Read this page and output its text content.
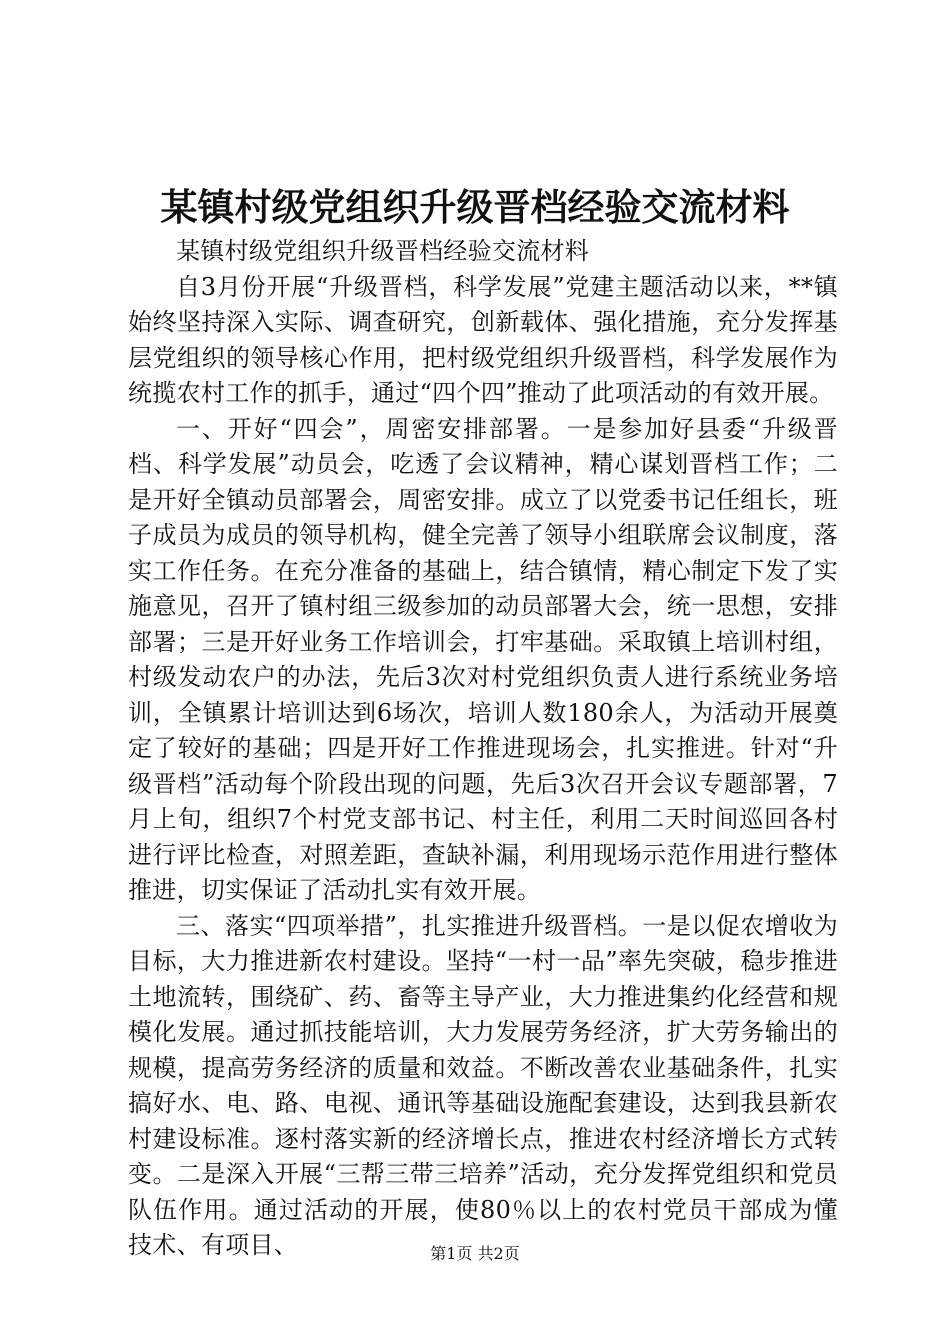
某镇村级党组织升级晋档经验交流材料

某镇村级党组织升级晋档经验交流材料

自3月份开展“升级晋档，科学发展”党建主题活动以来，**镇始终坚持深入实际、调查研究，创新载体、强化措施，充分发挥基层党组织的领导核心作用，把村级党组织升级晋档，科学发展作为统揽农村工作的抓手，通过“四个四”推动了此项活动的有效开展。

一、开好“四会”，周密安排部署。一是参加好县委“升级晋档、科学发展”动员会，吃透了会议精神，精心谋划晋档工作；二是开好全镇动员部署会，周密安排。成立了以党委书记任组长，班子成员为成员的领导机构，健全完善了领导小组联席会议制度，落实工作任务。在充分准备的基础上，结合镇情，精心制定下发了实施意见，召开了镇村组三级参加的动员部署大会，统一思想，安排部署；三是开好业务工作培训会，打牢基础。采取镇上培训村组，村级发动农户的办法，先后3次对村党组织负责人进行系统业务培训，全镇累计培训达到6场次，培训人数180余人，为活动开展奠定了较好的基础；四是开好工作推进现场会，扎实推进。针对“升级晋档”活动每个阶段出现的问题，先后3次召开会议专题部署，7月上旬，组织7个村党支部书记、村主任，利用二天时间巡回各村进行评比检查，对照差距，查缺补漏，利用现场示范作用进行整体推进，切实保证了活动扎实有效开展。

三、落实“四项举措”，扎实推进升级晋档。一是以促农增收为目标，大力推进新农村建设。坚持“一村一品”率先突破，稳步推进土地流转，围绕矿、药、畜等主导产业，大力推进集约化经营和规模化发展。通过抓技能培训，大力发展劳务经济，扩大劳务输出的规模，提高劳务经济的质量和效益。不断改善农业基础条件，扎实搞好水、电、路、电视、通讯等基础设施配套建设，达到我县新农村建设标准。逐村落实新的经济增长点，推进农村经济增长方式转变。二是深入开展“三帮三带三培养”活动，充分发挥党组织和党员队伍作用。通过活动的开展，使80％以上的农村党员干部成为懂技术、有项目、	第1页 共2页
